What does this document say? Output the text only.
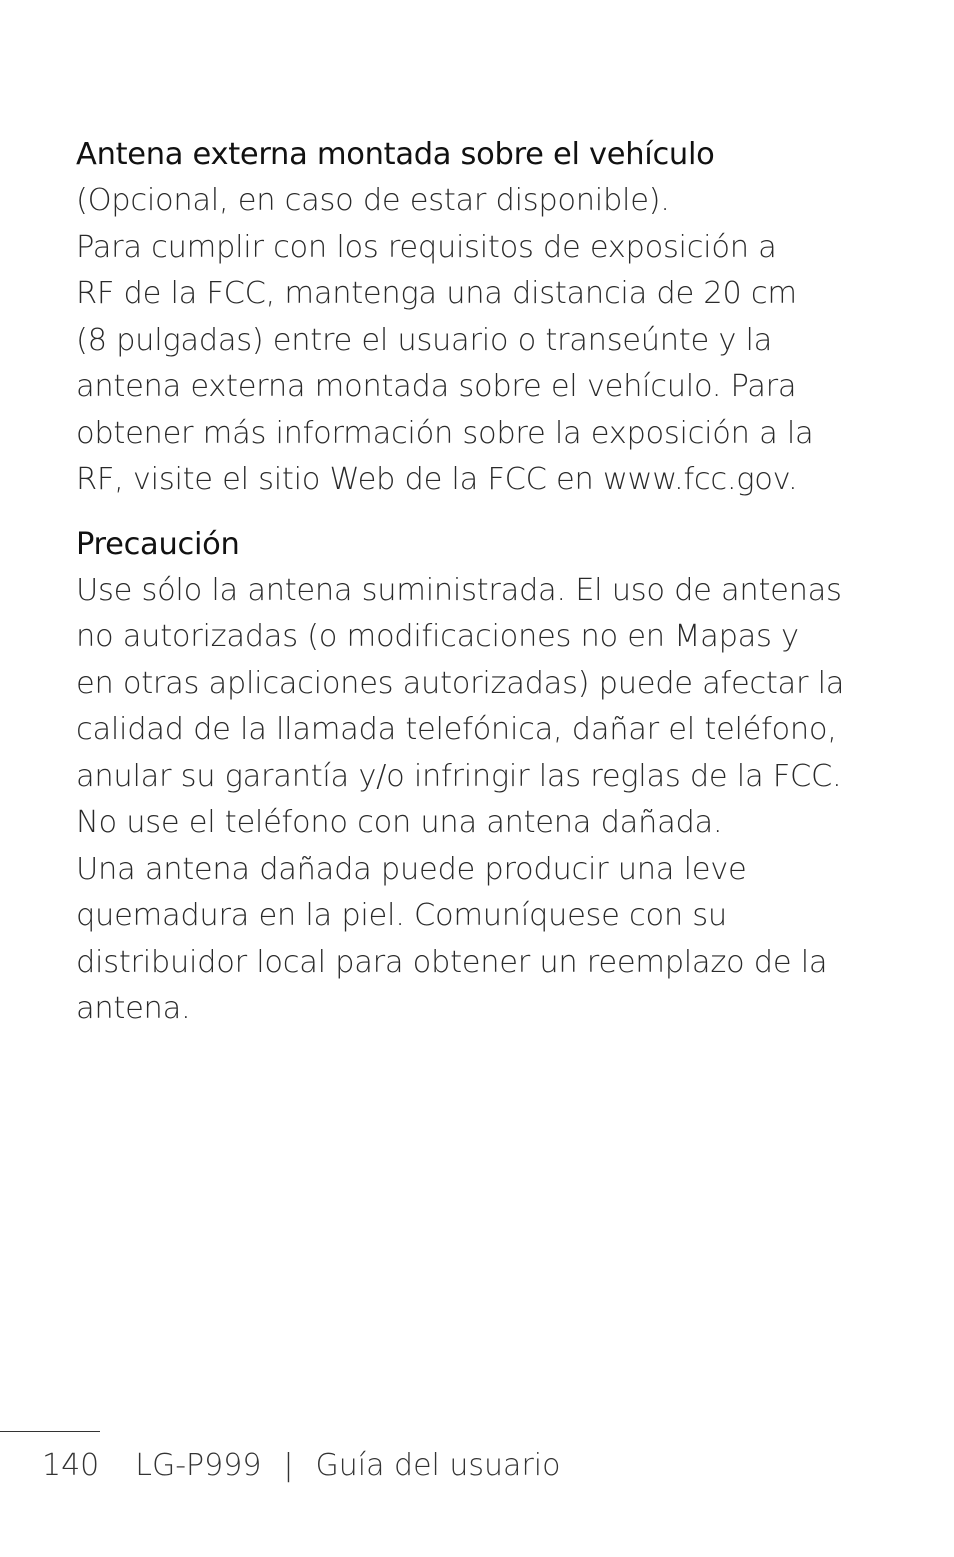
Antena externa montada sobre el vehículo

(Opcional, en caso de estar disponible).

Para cumplir con los requisitos de exposición a

RF de la FCC, mantenga una distancia de 20 cm

(8 pulgadas) entre el usuario o transeúnte y la

antena externa montada sobre el vehículo. Para

obtener más información sobre la exposición a la

RF, visite el sitio Web de la FCC en www.fcc.gov.

Precaución

Use sólo la antena suministrada. El uso de antenas

no autorizadas (o modificaciones no en Mapas y

en otras aplicaciones autorizadas) puede afectar la

calidad de la llamada telefónica, dañar el teléfono,

anular su garantía y/o infringir las reglas de la FCC.

No use el teléfono con una antena dañada.

Una antena dañada puede producir una leve

quemadura en la piel. Comuníquese con su

distribuidor local para obtener un reemplazo de la

antena.

140 LG-P999 | Guía del usuario
